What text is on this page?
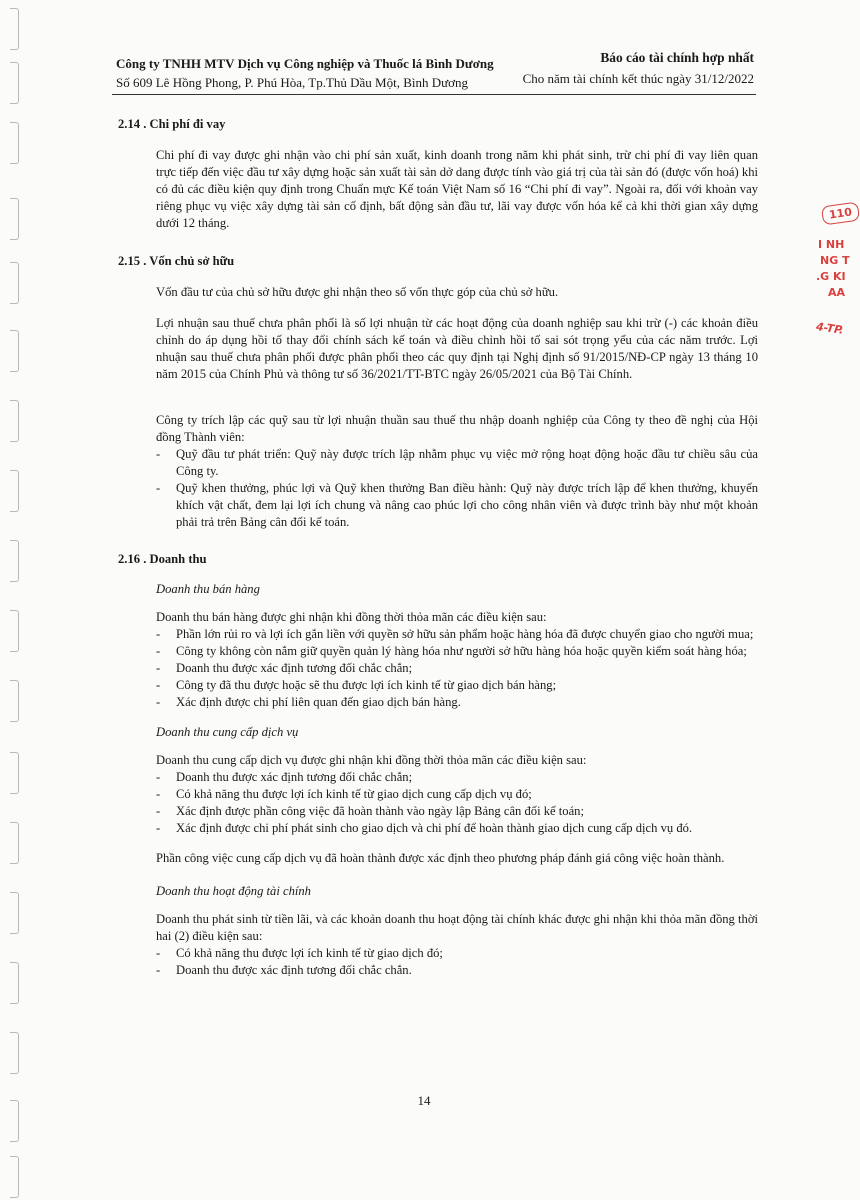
Công ty TNHH MTV Dịch vụ Công nghiệp và Thuốc lá Bình Dương
Số 609 Lê Hồng Phong, P. Phú Hòa, Tp.Thủ Dầu Một, Bình Dương
Báo cáo tài chính hợp nhất
Cho năm tài chính kết thúc ngày 31/12/2022
110
I NH
NG T
.G KI
AA
4-TP.
2.14 . Chi phí đi vay

Chi phí đi vay được ghi nhận vào chi phí sản xuất, kinh doanh trong năm khi phát sinh, trừ chi phí đi vay liên quan trực tiếp đến việc đầu tư xây dựng hoặc sản xuất tài sản dở dang được tính vào giá trị của tài sản đó (được vốn hoá) khi có đủ các điều kiện quy định trong Chuẩn mực Kế toán Việt Nam số 16 “Chi phí đi vay”. Ngoài ra, đối với khoản vay riêng phục vụ việc xây dựng tài sản cố định, bất động sản đầu tư, lãi vay được vốn hóa kể cả khi thời gian xây dựng dưới 12 tháng.

2.15 . Vốn chủ sở hữu

Vốn đầu tư của chủ sở hữu được ghi nhận theo số vốn thực góp của chủ sở hữu.

Lợi nhuận sau thuế chưa phân phối là số lợi nhuận từ các hoạt động của doanh nghiệp sau khi trừ (-) các khoản điều chỉnh do áp dụng hồi tố thay đổi chính sách kế toán và điều chỉnh hồi tố sai sót trọng yếu của các năm trước. Lợi nhuận sau thuế chưa phân phối được phân phối theo các quy định tại Nghị định số 91/2015/NĐ-CP ngày 13 tháng 10 năm 2015 của Chính Phủ và thông tư số 36/2021/TT-BTC ngày 26/05/2021 của Bộ Tài Chính.

Công ty trích lập các quỹ sau từ lợi nhuận thuần sau thuế thu nhập doanh nghiệp của Công ty theo đề nghị của Hội đồng Thành viên:

- Quỹ đầu tư phát triển: Quỹ này được trích lập nhằm phục vụ việc mở rộng hoạt động hoặc đầu tư chiều sâu của Công ty.
- Quỹ khen thưởng, phúc lợi và Quỹ khen thưởng Ban điều hành: Quỹ này được trích lập để khen thưởng, khuyến khích vật chất, đem lại lợi ích chung và nâng cao phúc lợi cho công nhân viên và được trình bày như một khoản phải trả trên Bảng cân đối kế toán.
2.16 . Doanh thu
Doanh thu bán hàng

Doanh thu bán hàng được ghi nhận khi đồng thời thỏa mãn các điều kiện sau:

- Phần lớn rủi ro và lợi ích gắn liền với quyền sở hữu sản phẩm hoặc hàng hóa đã được chuyển giao cho người mua;
- Công ty không còn nắm giữ quyền quản lý hàng hóa như người sở hữu hàng hóa hoặc quyền kiểm soát hàng hóa;
- Doanh thu được xác định tương đối chắc chắn;
- Công ty đã thu được hoặc sẽ thu được lợi ích kinh tế từ giao dịch bán hàng;
- Xác định được chi phí liên quan đến giao dịch bán hàng.
Doanh thu cung cấp dịch vụ

Doanh thu cung cấp dịch vụ được ghi nhận khi đồng thời thỏa mãn các điều kiện sau:

- Doanh thu được xác định tương đối chắc chắn;
- Có khả năng thu được lợi ích kinh tế từ giao dịch cung cấp dịch vụ đó;
- Xác định được phần công việc đã hoàn thành vào ngày lập Bảng cân đối kế toán;
- Xác định được chi phí phát sinh cho giao dịch và chi phí để hoàn thành giao dịch cung cấp dịch vụ đó.

Phần công việc cung cấp dịch vụ đã hoàn thành được xác định theo phương pháp đánh giá công việc hoàn thành.

Doanh thu hoạt động tài chính

Doanh thu phát sinh từ tiền lãi, và các khoản doanh thu hoạt động tài chính khác được ghi nhận khi thỏa mãn đồng thời hai (2) điều kiện sau:

- Có khả năng thu được lợi ích kinh tế từ giao dịch đó;
- Doanh thu được xác định tương đối chắc chắn.
14
